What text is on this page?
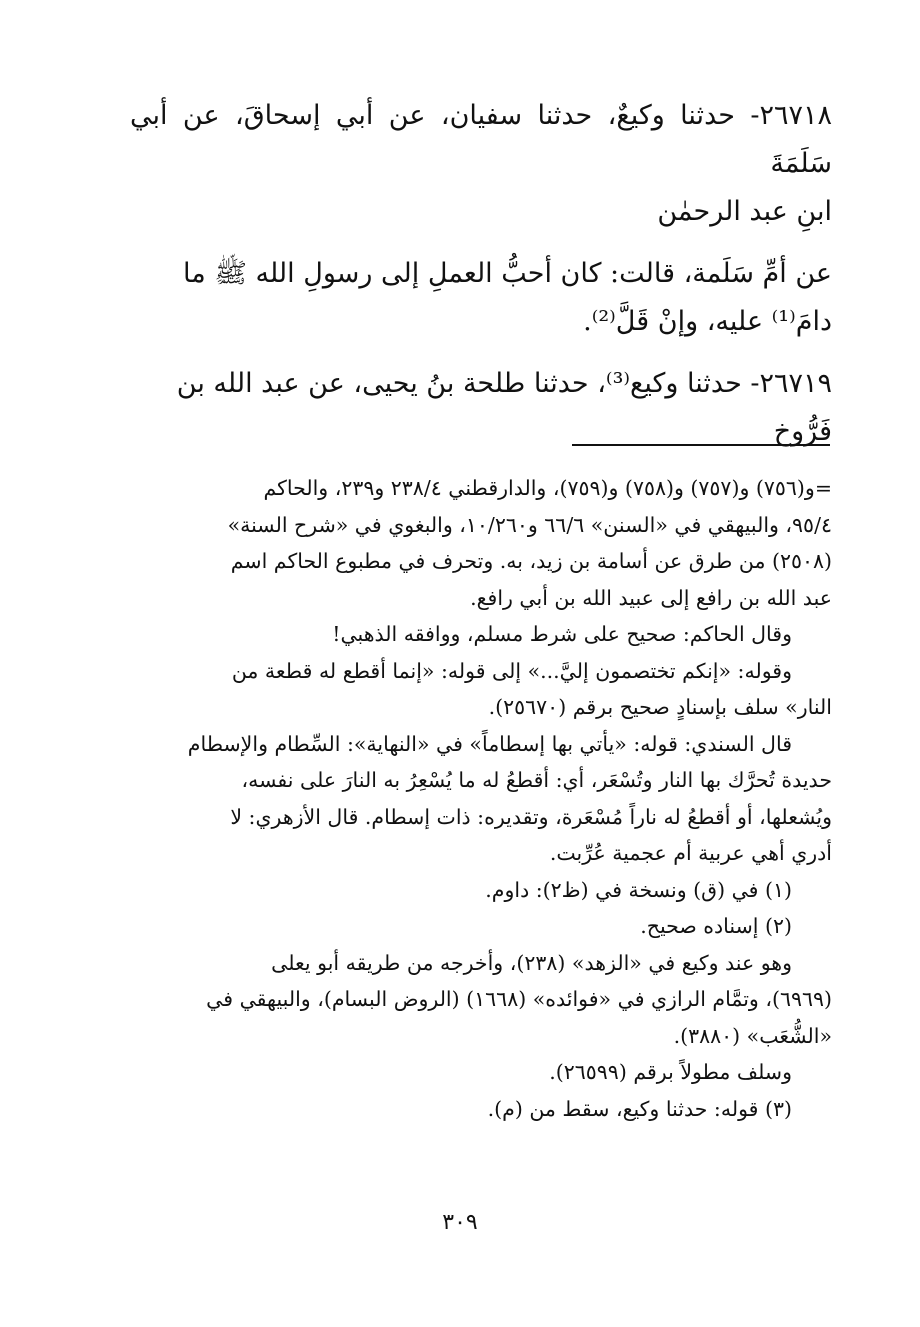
٢٦٧١٨- حدثنا وكيعٌ، حدثنا سفيان، عن أبي إسحاقَ، عن أبي سَلَمَةَ
ابنِ عبد الرحمٰن

عن أمِّ سَلَمة، قالت: كان أحبُّ العملِ إلى رسولِ الله ﷺ ما
دامَ⁽¹⁾ عليه، وإنْ قَلَّ⁽²⁾.

٢٦٧١٩- حدثنا وكيع⁽³⁾، حدثنا طلحة بنُ يحيى، عن عبد الله بن
فَرُّوخ

=و(٧٥٦) و(٧٥٧) و(٧٥٨) و(٧٥٩)، والدارقطني ٢٣٨/٤ و٢٣٩، والحاكم
٩٥/٤، والبيهقي في «السنن» ٦٦/٦ و١٠/٢٦٠، والبغوي في «شرح السنة»
(٢٥٠٨) من طرق عن أسامة بن زيد، به. وتحرف في مطبوع الحاكم اسم
عبد الله بن رافع إلى عبيد الله بن أبي رافع.

وقال الحاكم: صحيح على شرط مسلم، ووافقه الذهبي!

وقوله: «إنكم تختصمون إليَّ...» إلى قوله: «إنما أقطع له قطعة من
النار» سلف بإسنادٍ صحيح برقم (٢٥٦٧٠).

قال السندي: قوله: «يأتي بها إسطاماً» في «النهاية»: السِّطام والإسطام
حديدة تُحرَّك بها النار وتُسْعَر، أي: أقطعُ له ما يُسْعِرُ به النارَ على نفسه،
ويُشعلها، أو أقطعُ له ناراً مُسْعَرة، وتقديره: ذات إسطام. قال الأزهري: لا
أدري أهي عربية أم عجمية عُرِّبت.

(١) في (ق) ونسخة في (ظ٢): داوم.

(٢) إسناده صحيح.

وهو عند وكيع في «الزهد» (٢٣٨)، وأخرجه من طريقه أبو يعلى
(٦٩٦٩)، وتمَّام الرازي في «فوائده» (١٦٦٨) (الروض البسام)، والبيهقي في
«الشُّعَب» (٣٨٨٠).

وسلف مطولاً برقم (٢٦٥٩٩).

(٣) قوله: حدثنا وكيع، سقط من (م).

٣٠٩
